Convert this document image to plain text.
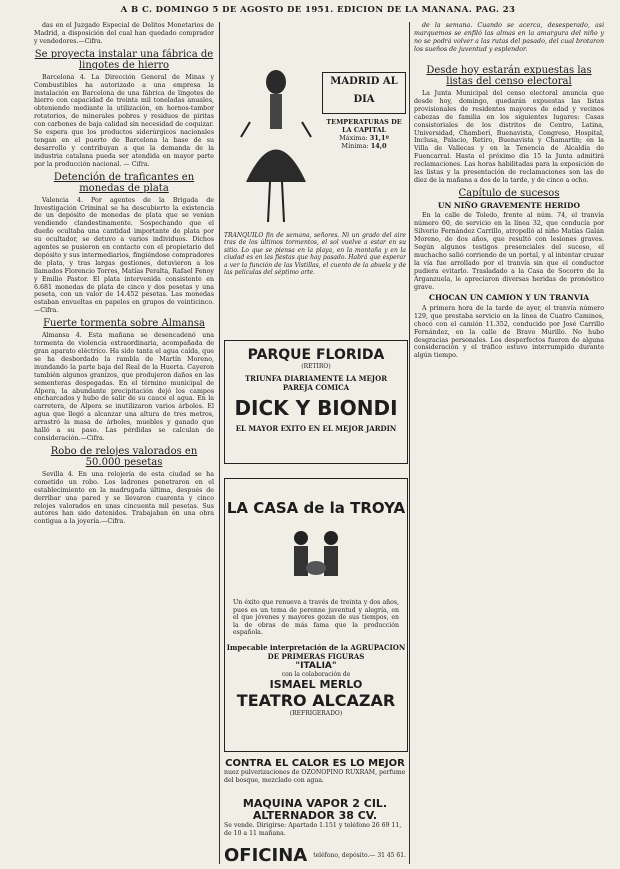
A B C. DOMINGO 5 DE AGOSTO DE 1951. EDICION DE LA MAÑANA. PAG. 23

das en el Juzgado Especial de Delitos Monetarios de Madrid, a disposición del cual han quedado comprador y vendedores.—Cifra.

Se proyecta instalar una fábrica de lingotes de hierro

Barcelona 4. La Dirección General de Minas y Combustibles ha autorizado a una empresa la instalación en Barcelona de una fábrica de lingotes de hierro con capacidad de treinta mil toneladas anuales, obteniendo mediante la utilización, en hornos-tambor rotatorios, de minerales pobres y residuos de piritas con carbones de baja calidad sin necesidad de coquizar. Se espera que los productos siderúrgicos nacionales tengan en el puerto de Barcelona la base de su desarrollo y contribuyan a que la demanda de la industria catalana pueda ser atendida en mayor parte por la producción nacional. — Cifra.

Detención de traficantes en monedas de plata

Valencia 4. Por agentes de la Brigada de Investigación Criminal se ha descubierto la existencia de un depósito de monedas de plata que se venían vendiendo clandestinamente. Sospechando que el dueño ocultaba una cantidad importante de plata por su ocultador, se detuvo a varios individuos. Dichos agentes se pusieron en contacto con el propietario del depósito y sus intermediarios, fingiéndose compradores de plata, y tras largas gestiones, detuvieron a los llamados Florencio Torres, Matías Peralta, Rafael Fenoy y Emilio Pastor. El plata intervenida consistente en 6.681 monedas de plata de cinco y dos pesetas y una peseta, con un valor de 14.452 pesetas. Las monedas estaban envueltas en papeles en grupos de veinticinco.—Cifra.

Fuerte tormenta sobre Almansa

Almansa 4. Esta mañana se desencadenó una tormenta de violencia extraordinaria, acompañada de gran aparato eléctrico. Ha sido tanta el agua caída, que se ha desbordado la rambla de Martín Moreno, inundando la parte baja del Real de la Huerta. Cayeron también algunos granizos, que produjeron daños en las sementeras despegadas. En el término municipal de Alpera, la abundante precipitación dejó los campos encharcados y hubo de salir de su cauce el agua. En la carretera, de Alpera se inutilizaron varios árboles. El agua que llegó a alcanzar una altura de tres metros, arrastró la masa de árboles, muebles y ganado que halló a su paso. Las pérdidas se calculan de consideración.—Cifra.

Robo de relojes valorados en 50.000 pesetas

Sevilla 4. En una relojería de esta ciudad se ha cometido un robo. Los ladrones penetraron en el establecimiento en la madrugada última, después de derribar una pared y se llevaron cuarenta y cinco relojes valorados en unas cincuenta mil pesetas. Sus autores han sido detenidos. Trabajaban en una obra contigua a la joyería.—Cifra.

MADRID AL DIA
TEMPERATURAS DE LA CAPITAL
Máxima: 31,1º
Mínima: 14,0
TRANQUILO fin de semana, señores. Ni un grado del aire tras de los últimos tormentos, el sol vuelve a estar en su sitio. Lo que se piensa en la playa, en la montaña y en la ciudad es en las fiestas que hay pasado. Habrá que esperar a ver la función de las Vistillas, el cuento de la abuela y de las películas del séptimo arte.
PARQUE FLORIDA
(RETIRO)
TRIUNFA DIARIAMENTE LA MEJOR PAREJA COMICA
DICK Y BIONDI
EL MAYOR EXITO EN EL MEJOR JARDIN
LA CASA de la TROYA
Un éxito que renueva a través de treinta y dos años, pues es un tema de perenne juventud y alegría, en el que jóvenes y mayores gozan de sus tiempos, en la de obras de más fama que la producción española.
Impecable interpretación de la AGRUPACION DE PRIMERAS FIGURAS
"ITALIA"
con la colaboración de
ISMAEL MERLO
TEATRO ALCAZAR
(REFRIGERADO)
CONTRA EL CALOR ES LO MEJOR
nuez pulverizaciones de OZONOPINO RUXRAM, perfume del bosque, mezclado con agua.
MAQUINA VAPOR 2 CIL. ALTERNADOR 38 CV.
Se vende. Dirigirse: Apartado 1.151 y teléfono 26 69 11, de 10 a 11 mañana.
OFICINA teléfono, depósito.— 31 45 61.

de la semana. Cuando se acerca, desesperado, así marquemos se enfiló las almas en la amargura del niño y no se podrá volver a las rutas del pasado, del cual brotaron los sueños de juventud y esplendor.

Desde hoy estarán expuestas las listas del censo electoral

La Junta Municipal del censo electoral anuncia que desde hoy, domingo, quedarán expuestas las listas provisionales de residentes mayores de edad y vecinos cabezas de familia en los siguientes lugares: Casas consistoriales de los distritos de Centro, Latina, Universidad, Chamberí, Buenavista, Congreso, Hospital, Inclusa, Palacio, Retiro, Buenavista y Chamartín; en la Villa de Vallecas y en la Tenencia de Alcaldía de Fuencarral. Hasta el próximo día 15 la Junta admitirá reclamaciones. Las horas habilitadas para la exposición de las listas y la presentación de reclamaciones son las de diez de la mañana a dos de la tarde, y de cinco a ocho.

Capítulo de sucesos
UN NIÑO GRAVEMENTE HERIDO

En la calle de Toledo, frente al núm. 74, el tranvía número 60, de servicio en la línea 32, que conducía por Silverio Fernández Carrillo, atropelló al niño Matías Galán Moreno, de dos años, que resultó con lesiones graves. Según algunos testigos presenciales del suceso, el muchacho salió corriendo de un portal, y al intentar cruzar la vía fue arrollado por el tranvía sin que el conductor pudiera evitarlo. Trasladado a la Casa de Socorro de la Arganzuela, le apreciaron diversas heridas de pronóstico grave.

CHOCAN UN CAMION Y UN TRANVIA

A primera hora de la tarde de ayer, el tranvía número 129, que prestaba servicio en la línea de Cuatro Caminos, chocó con el camión 11.352, conducido por José Carrillo Fernández, en la calle de Bravo Murillo. No hubo desgracias personales. Los desperfectos fueron de alguna consideración y el tráfico estuvo interrumpido durante algún tiempo.
